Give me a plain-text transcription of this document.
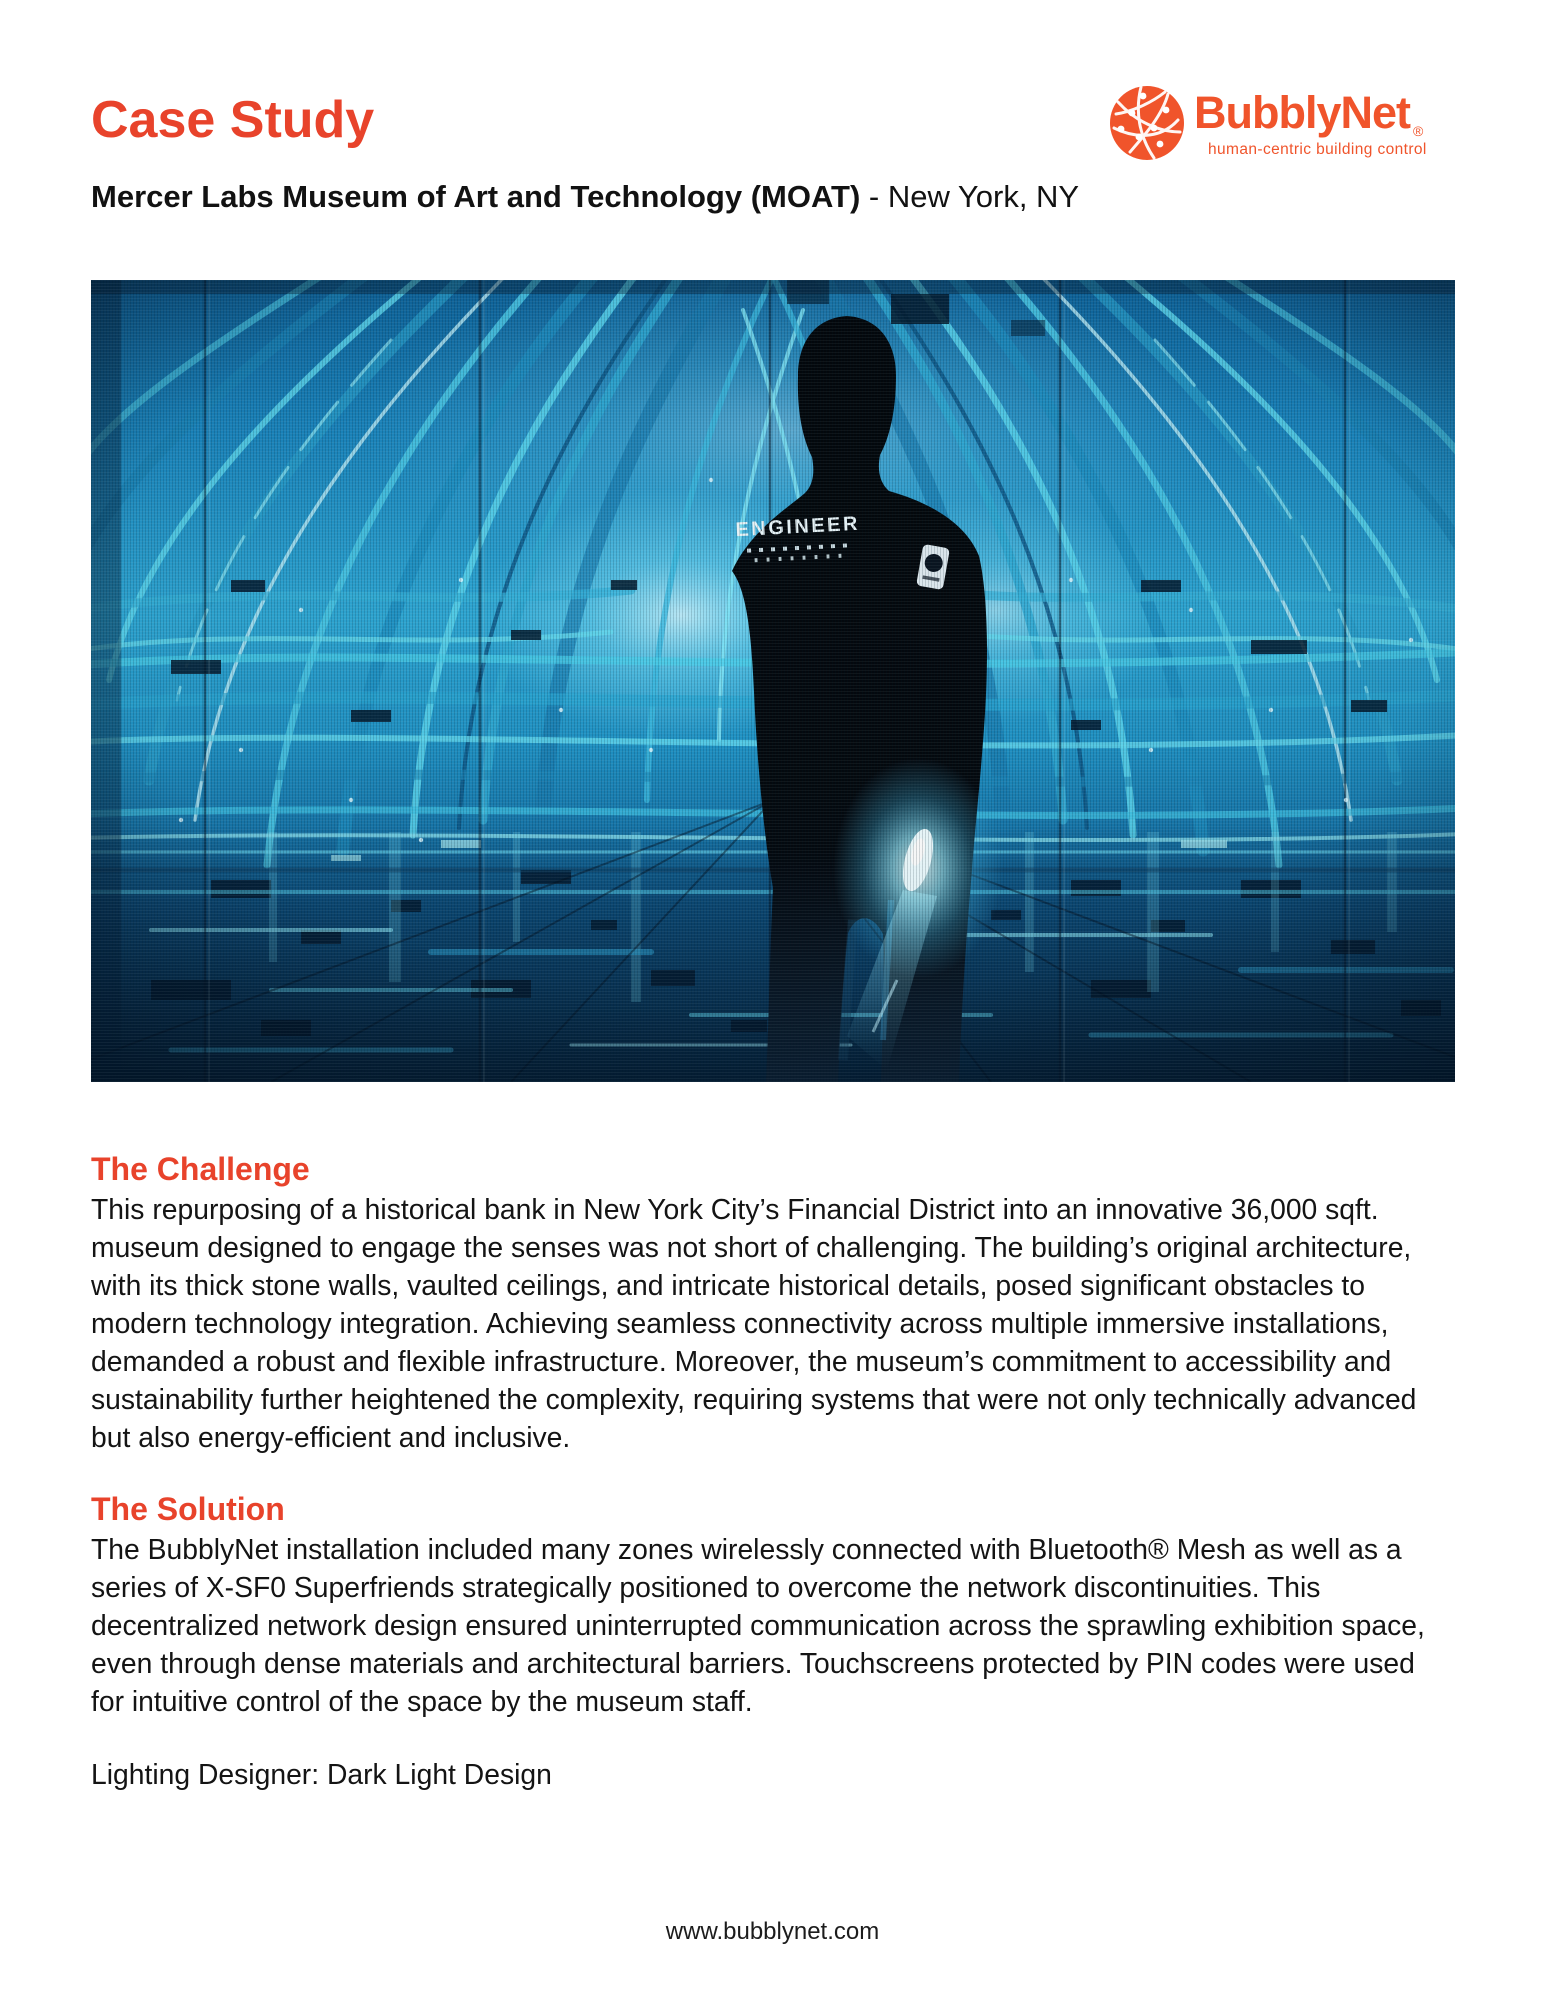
Case Study	BubblyNet ®
human-centric building control
Mercer Labs Museum of Art and Technology (MOAT) - New York, NY
The Challenge

This repurposing of a historical bank in New York City’s Financial District into an innovative 36,000 sqft. museum designed to engage the senses was not short of challenging. The building’s original architecture, with its thick stone walls, vaulted ceilings, and intricate historical details, posed significant obstacles to modern technology integration. Achieving seamless connectivity across multiple immersive installations, demanded a robust and flexible infrastructure. Moreover, the museum’s commitment to accessibility and sustainability further heightened the complexity, requiring systems that were not only technically advanced but also energy-efficient and inclusive.

The Solution

The BubblyNet installation included many zones wirelessly connected with Bluetooth® Mesh as well as a series of X-SF0 Superfriends strategically positioned to overcome the network discontinuities. This decentralized network design ensured uninterrupted communication across the sprawling exhibition space, even through dense materials and architectural barriers. Touchscreens protected by PIN codes were used for intuitive control of the space by the museum staff.

Lighting Designer: Dark Light Design
www.bubblynet.com
